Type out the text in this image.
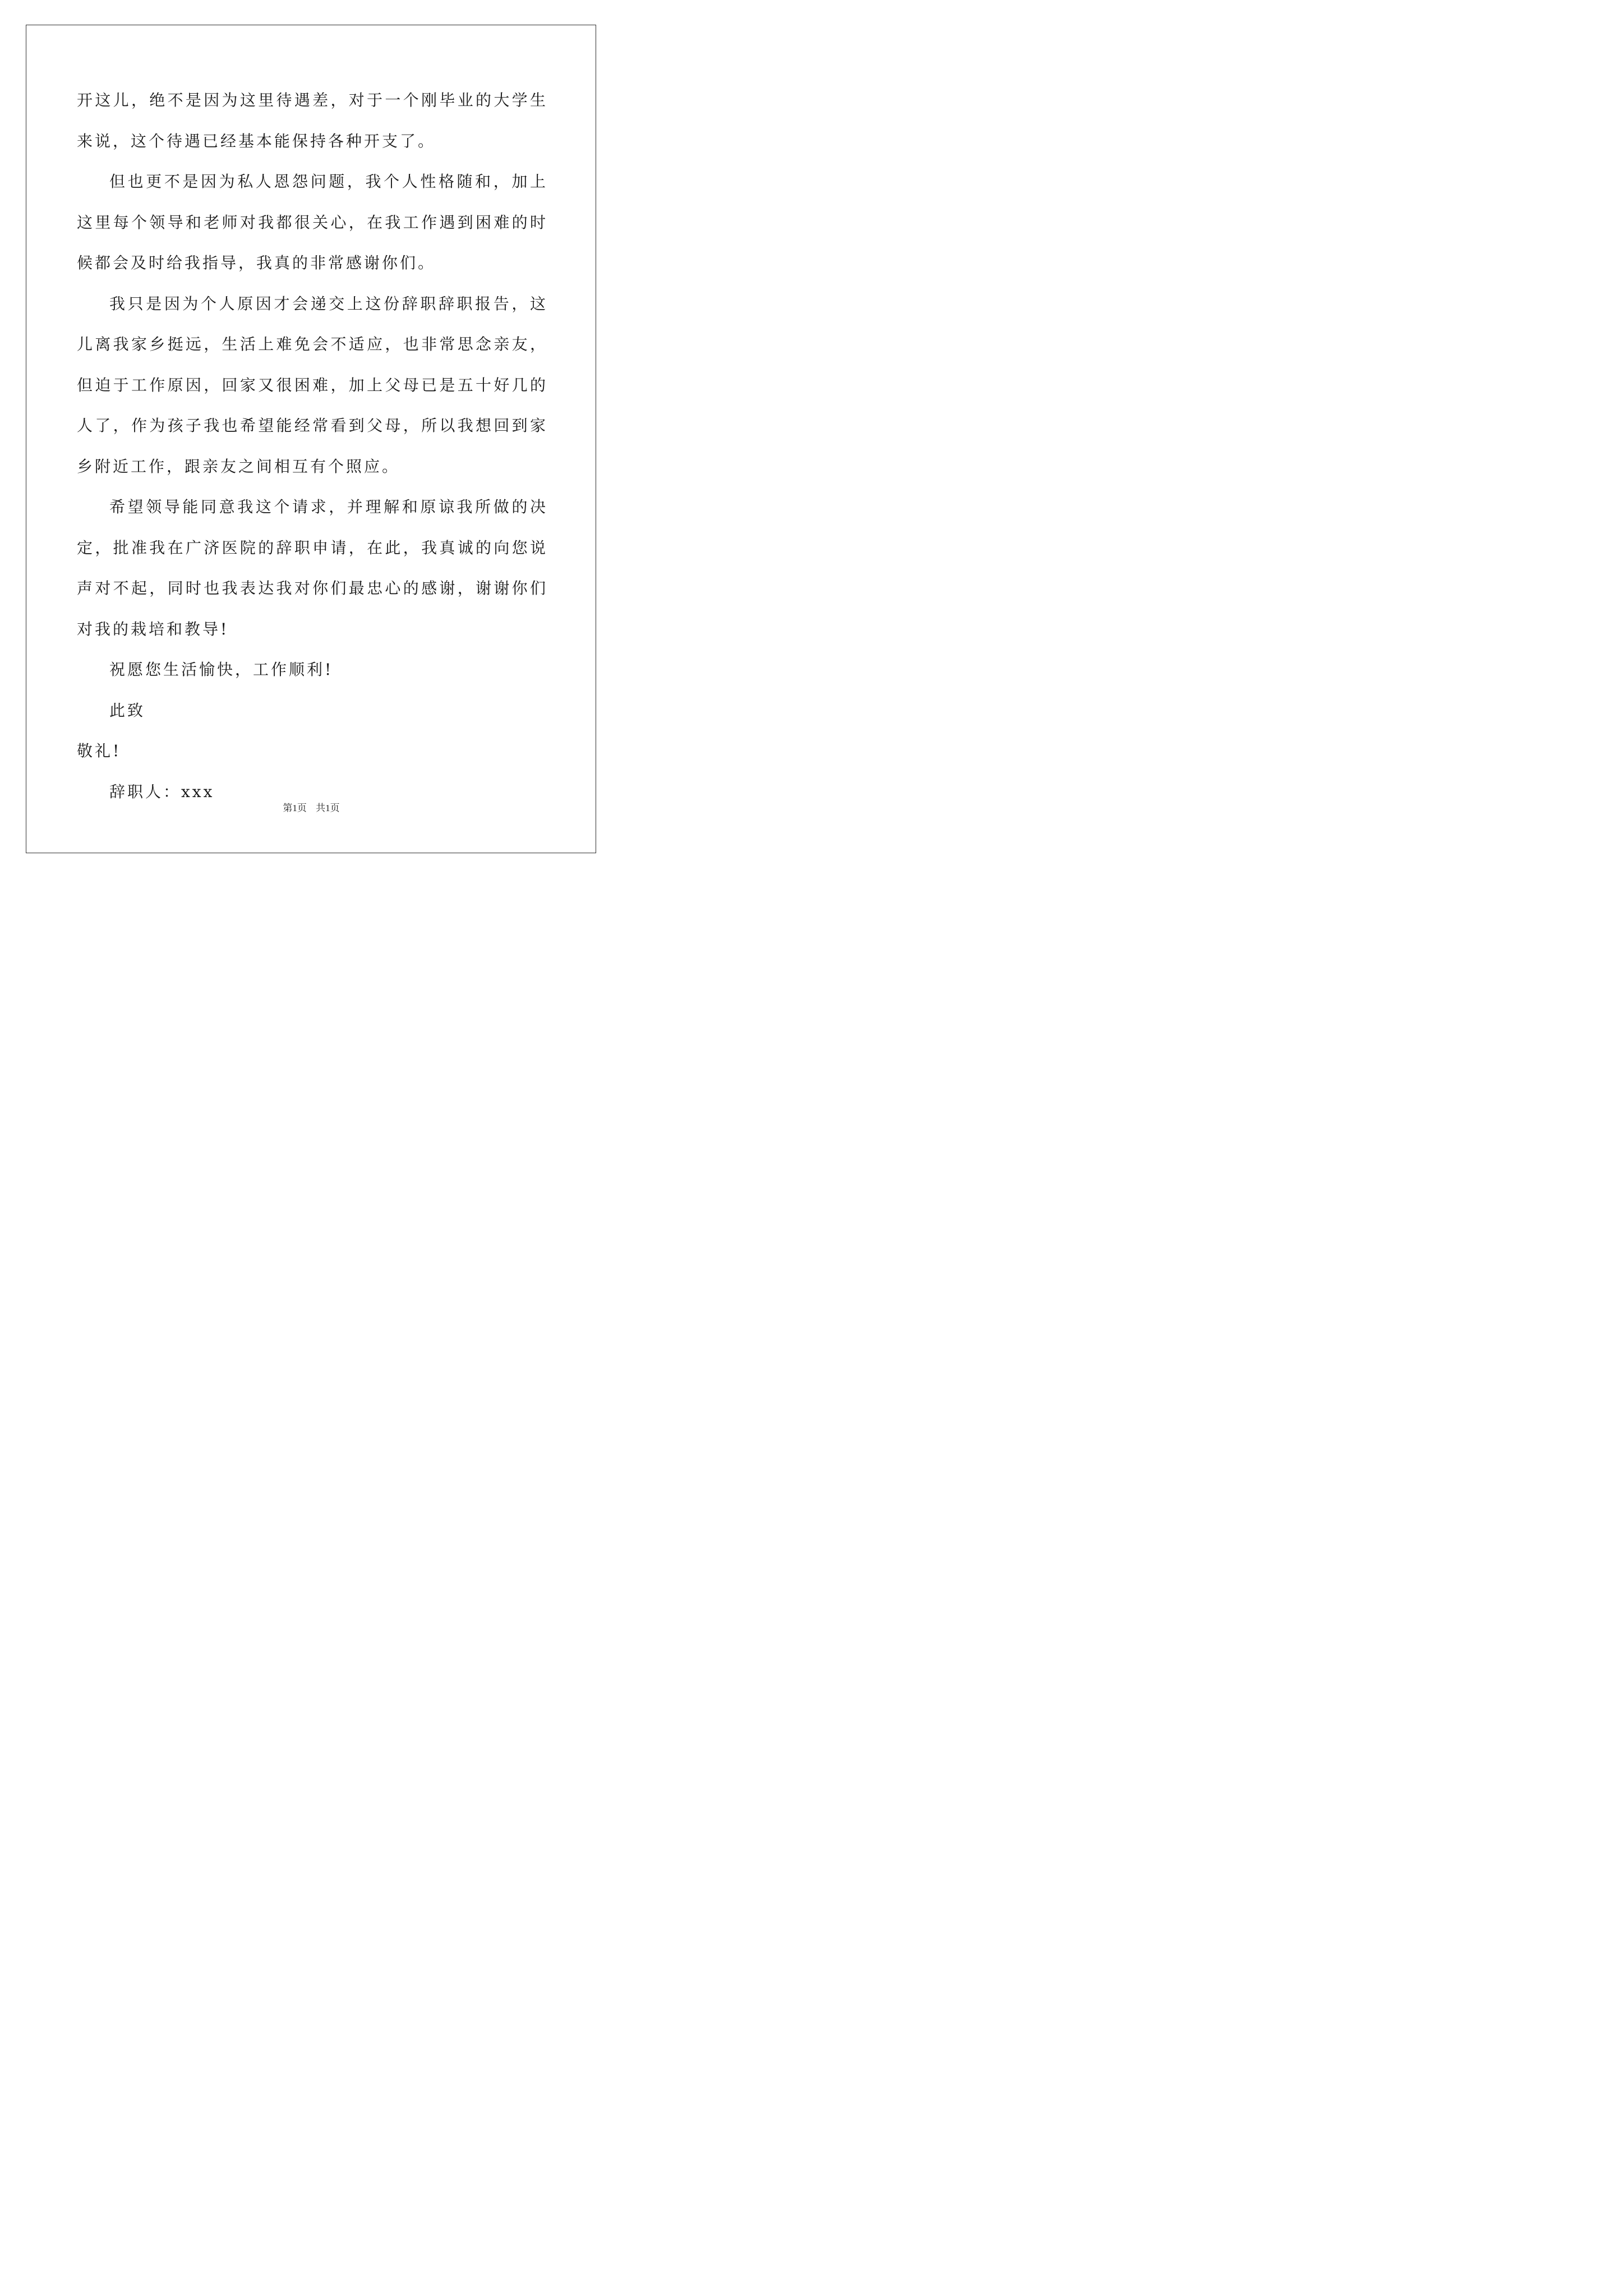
开这儿，绝不是因为这里待遇差，对于一个刚毕业的大学生来说，这个待遇已经基本能保持各种开支了。

但也更不是因为私人恩怨问题，我个人性格随和，加上这里每个领导和老师对我都很关心，在我工作遇到困难的时候都会及时给我指导，我真的非常感谢你们。

我只是因为个人原因才会递交上这份辞职辞职报告，这儿离我家乡挺远，生活上难免会不适应，也非常思念亲友，但迫于工作原因，回家又很困难，加上父母已是五十好几的人了，作为孩子我也希望能经常看到父母，所以我想回到家乡附近工作，跟亲友之间相互有个照应。

希望领导能同意我这个请求，并理解和原谅我所做的决定，批准我在广济医院的辞职申请，在此，我真诚的向您说声对不起，同时也我表达我对你们最忠心的感谢，谢谢你们对我的栽培和教导!

祝愿您生活愉快，工作顺利!

此致

敬礼!

辞职人：xxx

第1页 共1页
